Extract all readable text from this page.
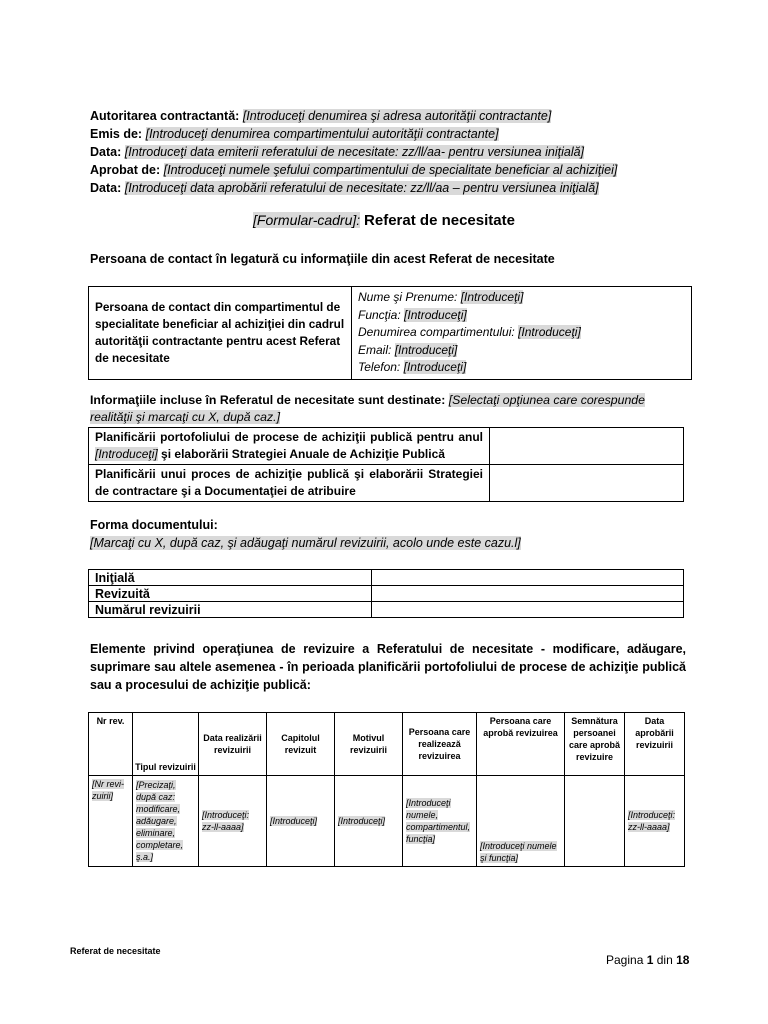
Autoritarea contractantă: [Introduceţi denumirea şi adresa autorităţii contractante]
Emis de: [Introduceţi denumirea compartimentului autorităţii contractante]
Data: [Introduceţi data emiterii referatului de necesitate: zz/ll/aa- pentru versiunea iniţială]
Aprobat de: [Introduceţi numele şefului compartimentului de specialitate beneficiar al achiziţiei]
Data: [Introduceţi data aprobării referatului de necesitate: zz/ll/aa – pentru versiunea iniţială]
[Formular-cadru]: Referat de necesitate
Persoana de contact în legatură cu informaţiile din acest Referat de necesitate
Persoana de contact din compartimentul de specialitate beneficiar al achiziţiei din cadrul autorităţii contractante pentru acest Referat de necesitate	
Nume şi Prenume: [Introduceţi]
Funcţia: [Introduceţi]
Denumirea compartimentului: [Introduceţi]
Email: [Introduceţi]
Telefon: [Introduceţi]
Informaţiile incluse în Referatul de necesitate sunt destinate: [Selectaţi opţiunea care corespunde realităţii şi marcaţi cu X, după caz.]
Planificării portofoliului de procese de achiziţii publică pentru anul [Introduceţi] şi elaborării Strategiei Anuale de Achiziţie Publică	
Planificării unui proces de achiziţie publică şi elaborării Strategiei de contractare şi a Documentaţiei de atribuire	
Forma documentului:
[Marcaţi cu X, după caz, şi adăugaţi numărul revizuirii, acolo unde este cazu.l]
Iniţială	
Revizuită	
Numărul revizuirii	
Elemente privind operaţiunea de revizuire a Referatului de necesitate - modificare, adăugare, suprimare sau altele asemenea - în perioada planificării portofoliului de procese de achiziţie publică sau a procesului de achiziţie publică:
Nr rev.	Tipul revizuirii	Data realizării revizuirii	Capitolul revizuit	Motivul revizuirii	Persoana care realizează revizuirea	Persoana care aprobă revizuirea	Semnătura persoanei care aprobă revizuire	Data aprobării revizuirii
[Nr revi-zuirii]	[Precizaţi, după caz: modificare, adăugare, eliminare, completare, ş.a.]	[Introduceţi: zz-ll-aaaa]	[Introduceţi]	[Introduceţi]	[Introduceţi numele, compartimentul, funcţia]	[Introduceţi numele şi funcţia]		[Introduceţi: zz-ll-aaaa]
Referat de necesitate
Pagina 1 din 18
